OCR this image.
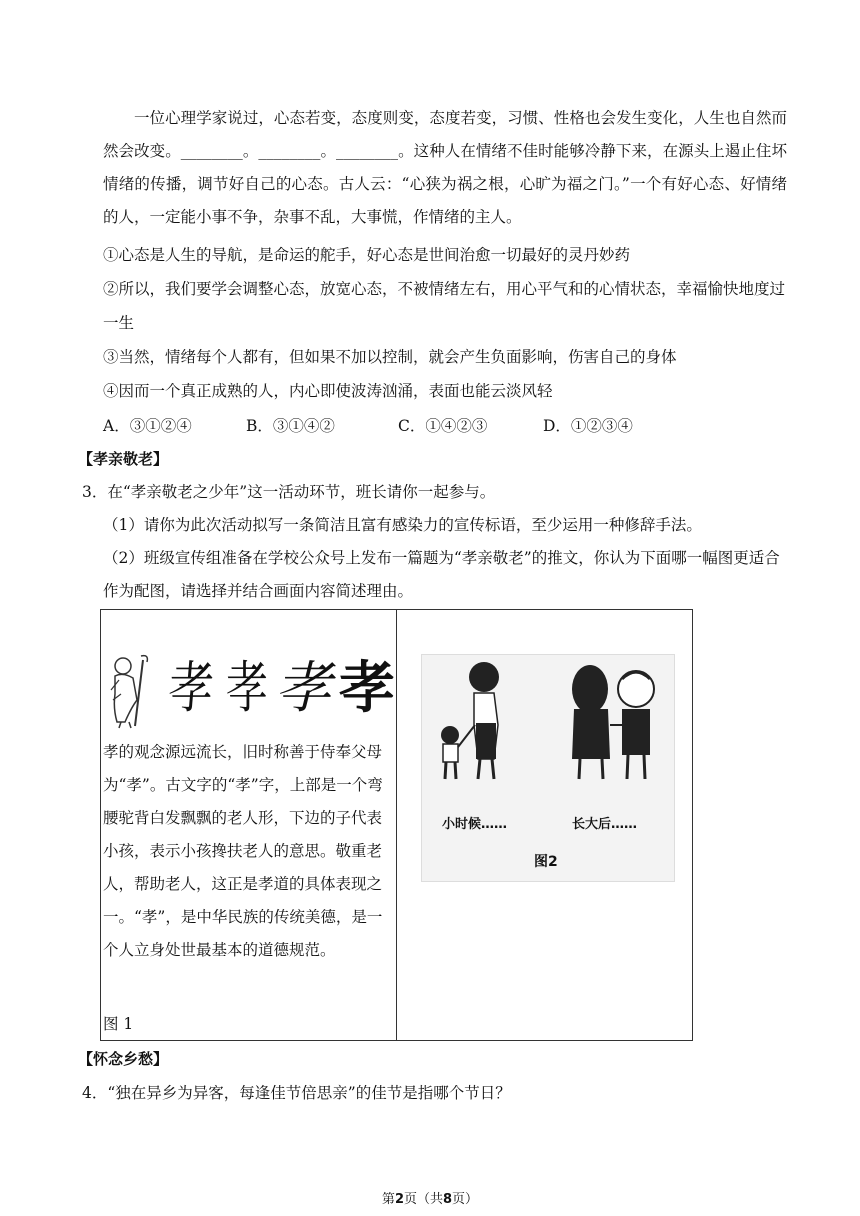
一位心理学家说过，心态若变，态度则变，态度若变，习惯、性格也会发生变化，人生也自然而然会改变。________。________。________。这种人在情绪不佳时能够冷静下来，在源头上遏止住坏情绪的传播，调节好自己的心态。古人云：“心狭为祸之根，心旷为福之门。”一个有好心态、好情绪的人，一定能小事不争，杂事不乱，大事慌，作情绪的主人。
①心态是人生的导航，是命运的舵手，好心态是世间治愈一切最好的灵丹妙药
②所以，我们要学会调整心态，放宽心态，不被情绪左右，用心平气和的心情状态，幸福愉快地度过
一生
③当然，情绪每个人都有，但如果不加以控制，就会产生负面影响，伤害自己的身体
④因而一个真正成熟的人，内心即使波涛汹涌，表面也能云淡风轻
A．③①②④	B．③①④②	C．①④②③	D．①②③④
【孝亲敬老】
3．在“孝亲敬老之少年”这一活动环节，班长请你一起参与。
（1）请你为此次活动拟写一条简洁且富有感染力的宣传标语，至少运用一种修辞手法。
（2）班级宣传组准备在学校公众号上发布一篇题为“孝亲敬老”的推文，你认为下面哪一幅图更适合
作为配图，请选择并结合画面内容简述理由。
孝 孝 孝 孝
孝的观念源远流长，旧时称善于侍奉父母为“孝”。古文字的“孝”字，上部是一个弯腰驼背白发飘飘的老人形，下边的子代表小孩，表示小孩搀扶老人的意思。敬重老人，帮助老人，这正是孝道的具体表现之一。“孝”，是中华民族的传统美德，是一个人立身处世最基本的道德规范。
图 1
小时候……	长大后……
图2
【怀念乡愁】
4．“独在异乡为异客，每逢佳节倍思亲”的佳节是指哪个节日？
第2页（共8页）
